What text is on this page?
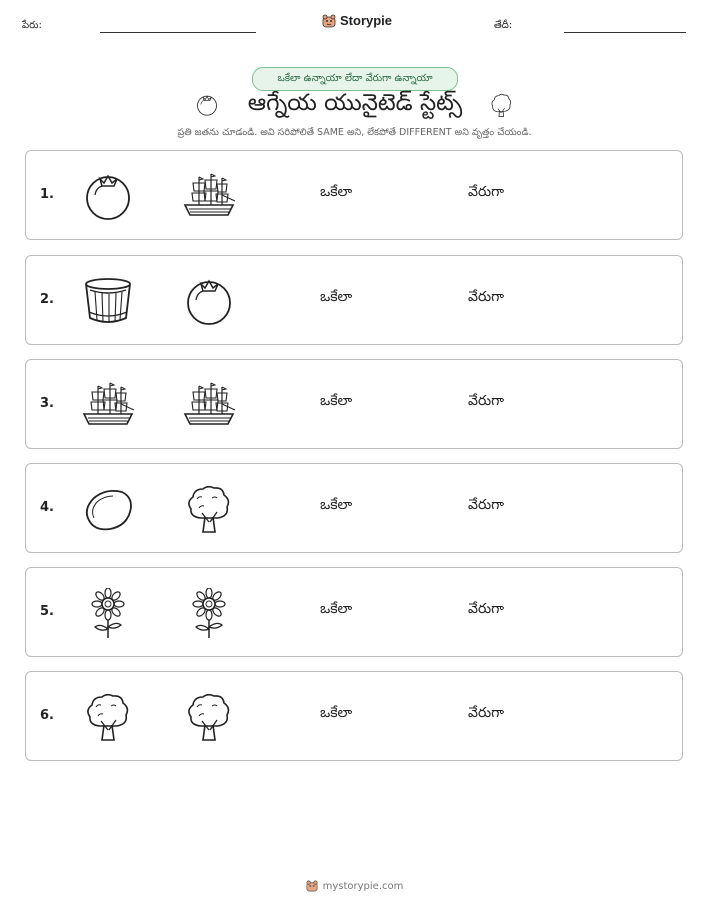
పేరు:	Storypie	తేదీ:
ఒకేలా ఉన్నాయా లేదా వేరుగా ఉన్నాయా
ఆగ్నేయ యునైటెడ్ స్టేట్స్
ప్రతి జతను చూడండి. అవి సరిపోలితే SAME అని, లేకపోతే DIFFERENT అని వృత్తం చేయండి.
1.	ఒకేలా	వేరుగా
2.	ఒకేలా	వేరుగా
3.	ఒకేలా	వేరుగా
4.	ఒకేలా	వేరుగా
5.	ఒకేలా	వేరుగా
6.	ఒకేలా	వేరుగా
mystorypie.com
